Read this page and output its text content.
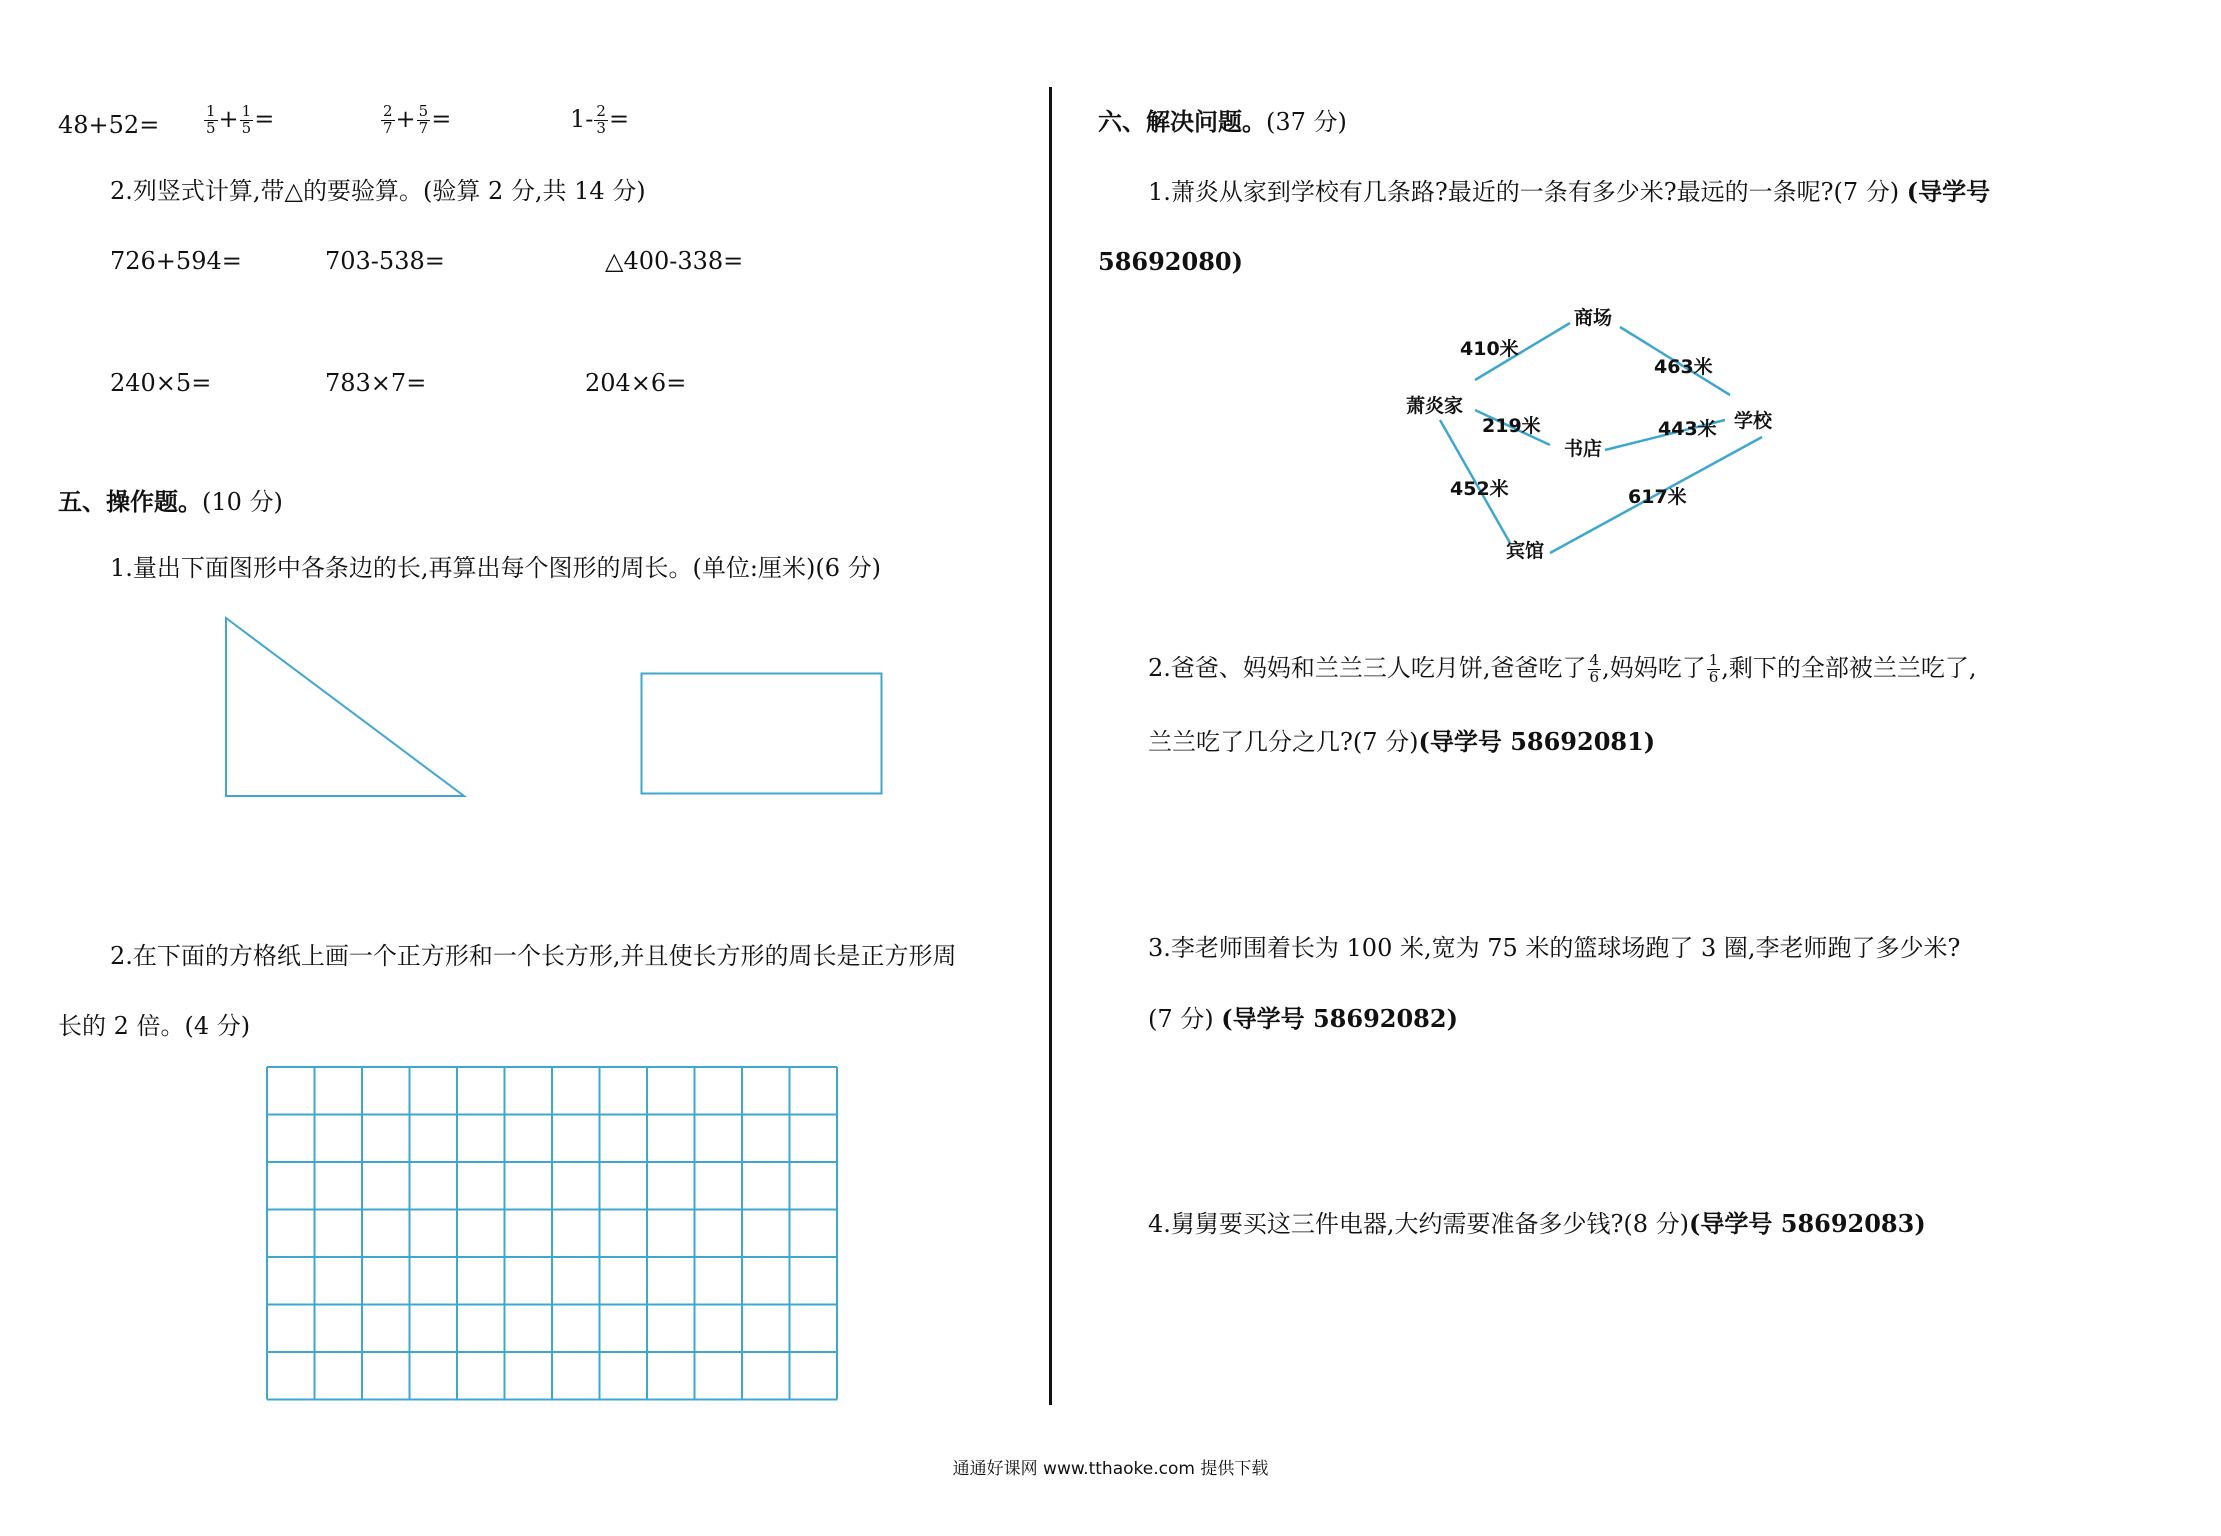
48+52=	$\frac{1}{5} + \frac{1}{5}$ =	$\frac{2}{7} + \frac{5}{7}$ =	$1- \frac{2}{3}$ =
2.列竖式计算,带△的要验算。(验算 2 分,共 14 分)
726+594=	703-538=	△400-338=
240×5=	783×7=	204×6=
五、操作题。(10 分)
1.量出下面图形中各条边的长,再算出每个图形的周长。(单位:厘米)(6 分)
2.在下面的方格纸上画一个正方形和一个长方形,并且使长方形的周长是正方形周
长的 2 倍。(4 分)
六、解决问题。(37 分)
1.萧炎从家到学校有几条路?最近的一条有多少米?最远的一条呢?(7 分) (导学号
58692080)
商场
萧炎家
书店
学校
宾馆
410米
463米
219米	443米
452米	617米
2.爸爸、妈妈和兰兰三人吃月饼,爸爸吃了 $\frac{4}{6}$ ,妈妈吃了 $\frac{1}{6}$ ,剩下的全部被兰兰吃了,
兰兰吃了几分之几?(7 分)(导学号 58692081)
3.李老师围着长为 100 米,宽为 75 米的篮球场跑了 3 圈,李老师跑了多少米?
(7 分) (导学号 58692082)
4.舅舅要买这三件电器,大约需要准备多少钱?(8 分)(导学号 58692083)
通通好课网 www.tthaoke.com 提供下载
